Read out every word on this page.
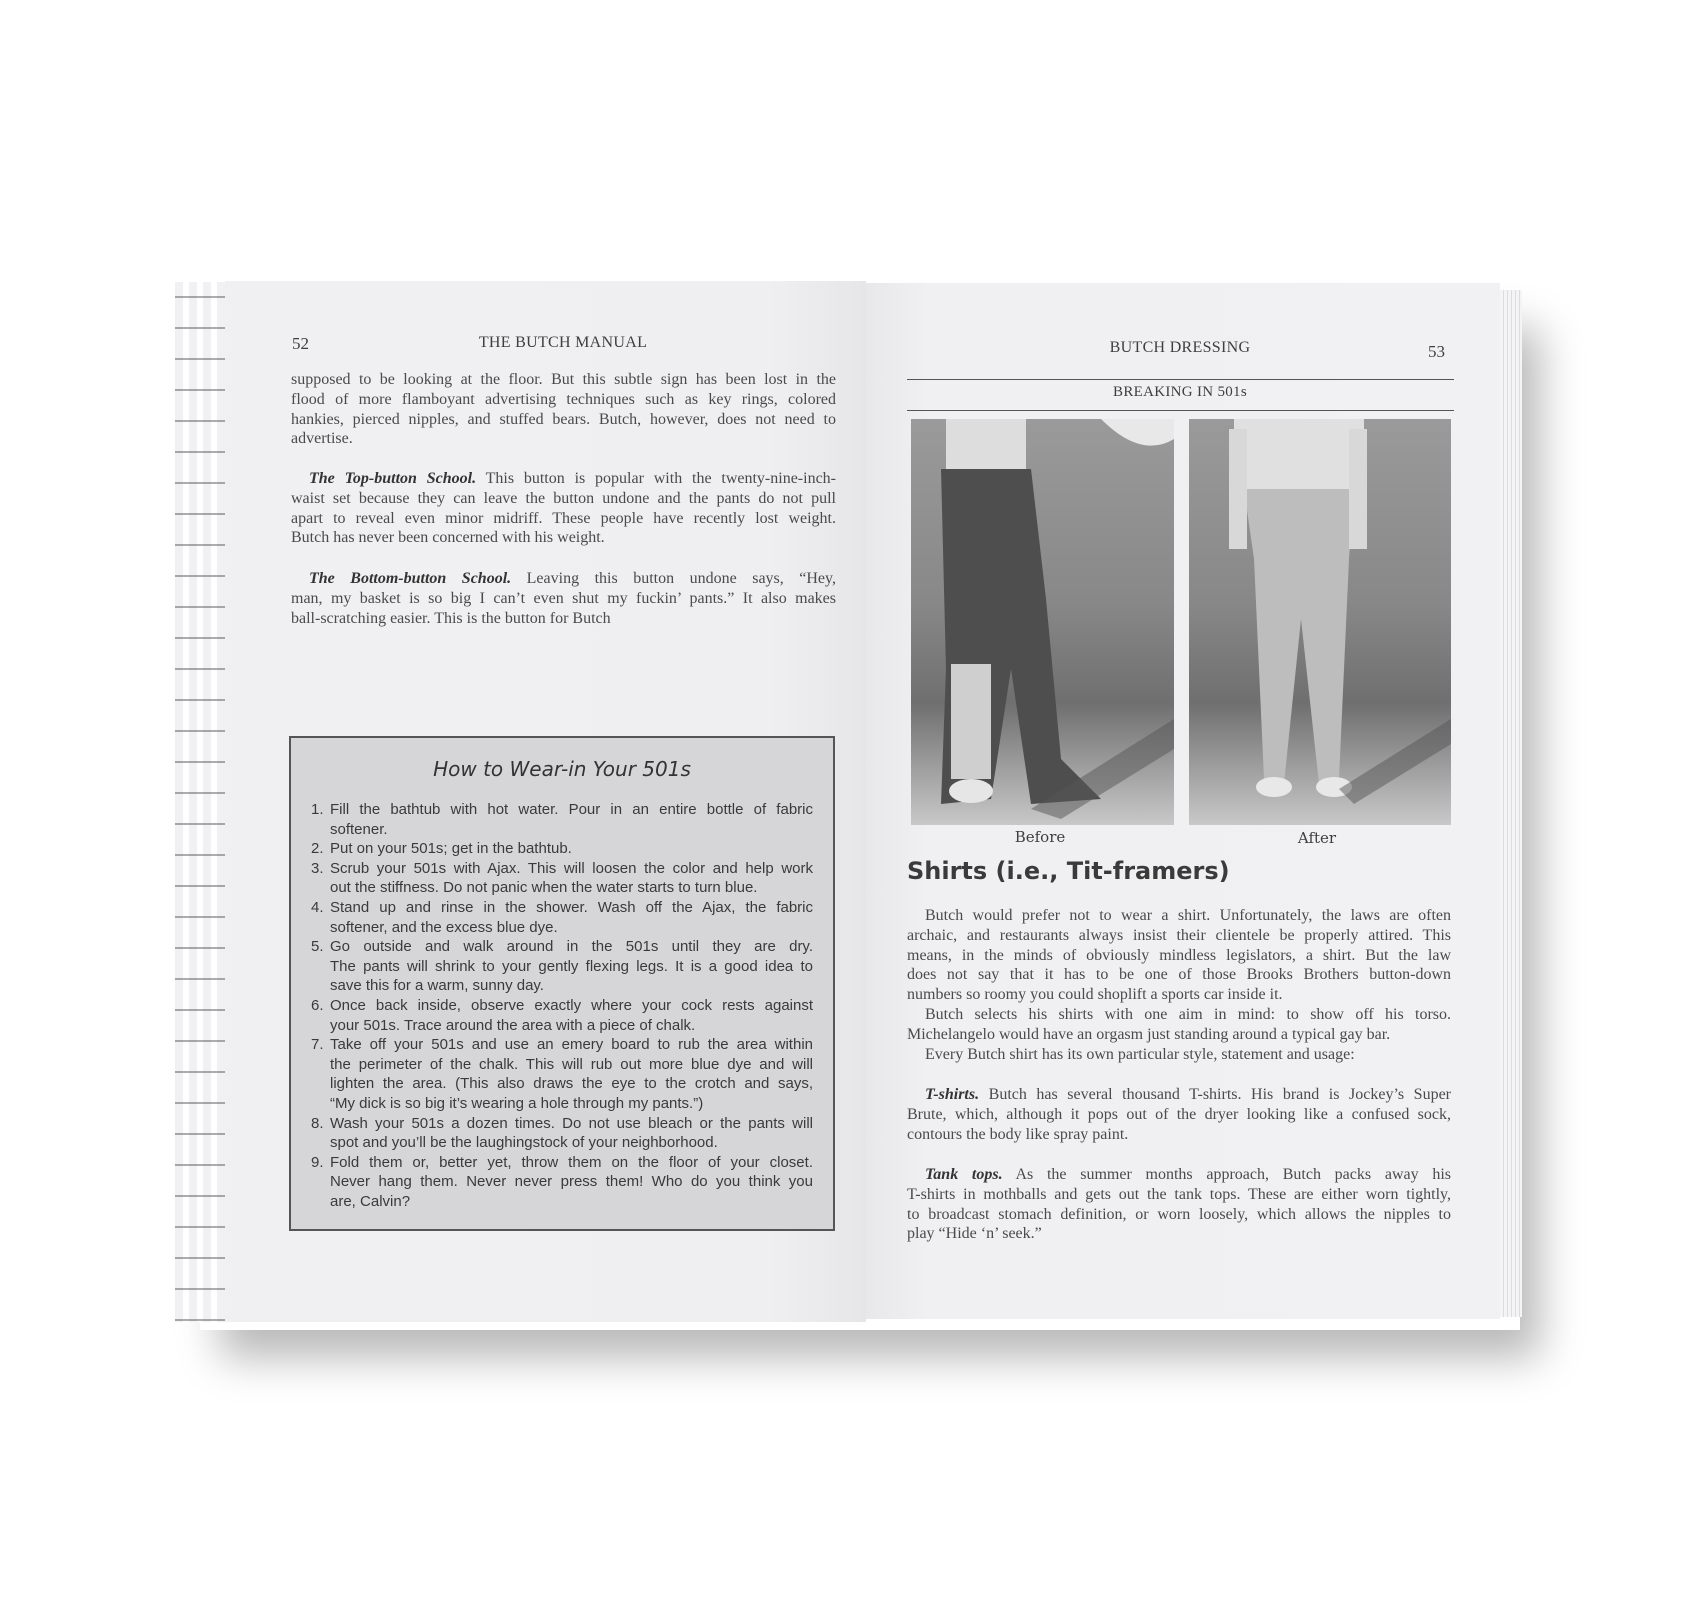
52	THE BUTCH MANUAL
supposed to be looking at the floor. But this subtle sign has been lost in the
flood of more flamboyant advertising techniques such as key rings, colored
hankies, pierced nipples, and stuffed bears. Butch, however, does not need to
advertise.
The Top-button School. This button is popular with the twenty-nine-inch-
waist set because they can leave the button undone and the pants do not pull
apart to reveal even minor midriff. These people have recently lost weight.
Butch has never been concerned with his weight.
The Bottom-button School. Leaving this button undone says, “Hey,
man, my basket is so big I can’t even shut my fuckin’ pants.” It also makes
ball-scratching easier. This is the button for Butch
How to Wear-in Your 501s
1. Fill the bathtub with hot water. Pour in an entire bottle of fabric
softener.
2. Put on your 501s; get in the bathtub.
3. Scrub your 501s with Ajax. This will loosen the color and help work
out the stiffness. Do not panic when the water starts to turn blue.
4. Stand up and rinse in the shower. Wash off the Ajax, the fabric
softener, and the excess blue dye.
5. Go outside and walk around in the 501s until they are dry.
The pants will shrink to your gently flexing legs. It is a good idea to
save this for a warm, sunny day.
6. Once back inside, observe exactly where your cock rests against
your 501s. Trace around the area with a piece of chalk.
7. Take off your 501s and use an emery board to rub the area within
the perimeter of the chalk. This will rub out more blue dye and will
lighten the area. (This also draws the eye to the crotch and says,
“My dick is so big it’s wearing a hole through my pants.”)
8. Wash your 501s a dozen times. Do not use bleach or the pants will
spot and you’ll be the laughingstock of your neighborhood.
9. Fold them or, better yet, throw them on the floor of your closet.
Never hang them. Never never press them! Who do you think you
are, Calvin?
BUTCH DRESSING	53
BREAKING IN 501s
Before	After
Shirts (i.e., Tit-framers)
Butch would prefer not to wear a shirt. Unfortunately, the laws are often
archaic, and restaurants always insist their clientele be properly attired. This
means, in the minds of obviously mindless legislators, a shirt. But the law
does not say that it has to be one of those Brooks Brothers button-down
numbers so roomy you could shoplift a sports car inside it.
Butch selects his shirts with one aim in mind: to show off his torso.
Michelangelo would have an orgasm just standing around a typical gay bar.
Every Butch shirt has its own particular style, statement and usage:
T-shirts. Butch has several thousand T-shirts. His brand is Jockey’s Super
Brute, which, although it pops out of the dryer looking like a confused sock,
contours the body like spray paint.
Tank tops. As the summer months approach, Butch packs away his
T-shirts in mothballs and gets out the tank tops. These are either worn tightly,
to broadcast stomach definition, or worn loosely, which allows the nipples to
play “Hide ‘n’ seek.”
